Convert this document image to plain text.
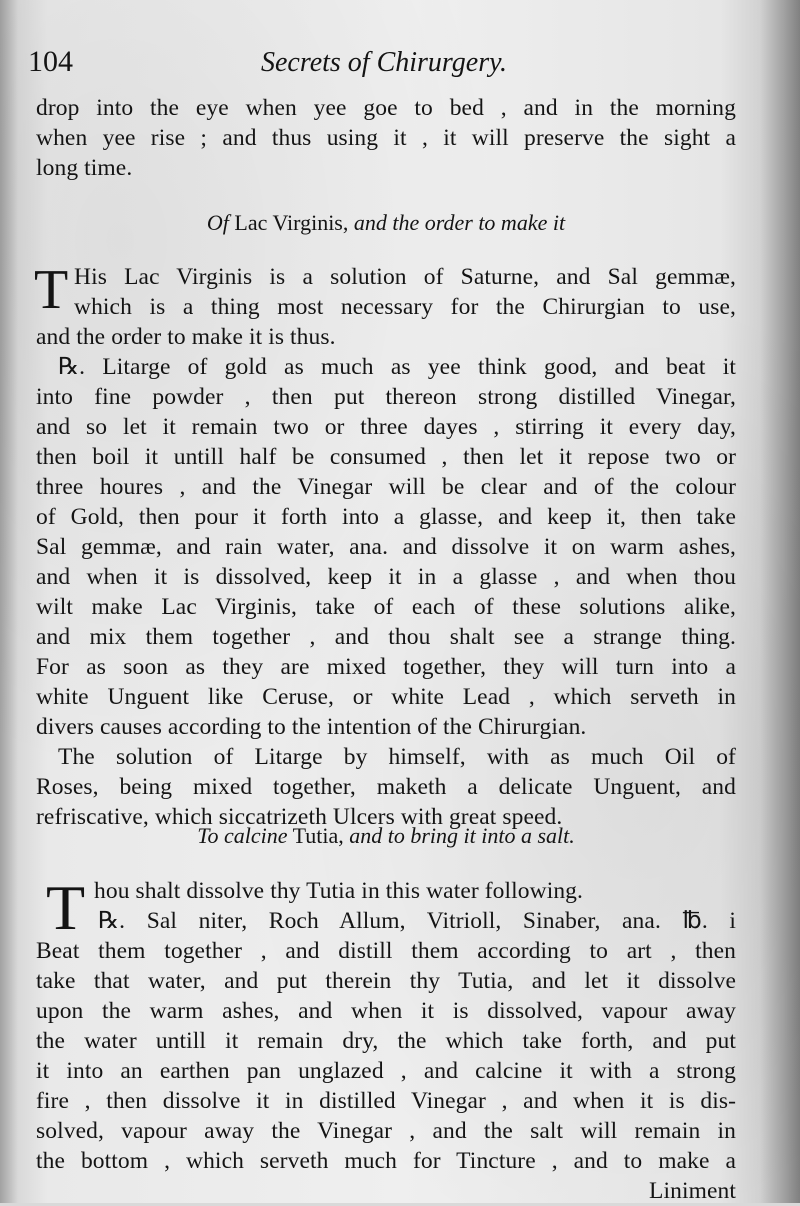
Secrets of Chirurgery.
104
drop into the eye when yee goe to bed , and in the morning
when yee rise ; and thus using it , it will preserve the sight a
long time.
Of Lac Virginis, and the order to make it
T His Lac Virginis is a solution of Saturne, and Sal gemmæ,
which is a thing most necessary for the Chirurgian to use,
and the order to make it is thus.
℞. Litarge of gold as much as yee think good, and beat it
into fine powder , then put thereon strong distilled Vinegar,
and so let it remain two or three dayes , stirring it every day,
then boil it untill half be consumed , then let it repose two or
three houres , and the Vinegar will be clear and of the colour
of Gold, then pour it forth into a glasse, and keep it, then take
Sal gemmæ, and rain water, ana. and dissolve it on warm ashes,
and when it is dissolved, keep it in a glasse , and when thou
wilt make Lac Virginis, take of each of these solutions alike,
and mix them together , and thou shalt see a strange thing.
For as soon as they are mixed together, they will turn into a
white Unguent like Ceruse, or white Lead , which serveth in
divers causes according to the intention of the Chirurgian.
The solution of Litarge by himself, with as much Oil of
Roses, being mixed together, maketh a delicate Unguent, and
refriscative, which siccatrizeth Ulcers with great speed.
To calcine Tutia, and to bring it into a salt.
T hou shalt dissolve thy Tutia in this water following.
℞. Sal niter, Roch Allum, Vitrioll, Sinaber, ana. ℔. i
Beat them together , and distill them according to art , then
take that water, and put therein thy Tutia, and let it dissolve
upon the warm ashes, and when it is dissolved, vapour away
the water untill it remain dry, the which take forth, and put
it into an earthen pan unglazed , and calcine it with a strong
fire , then dissolve it in distilled Vinegar , and when it is dis-
solved, vapour away the Vinegar , and the salt will remain in
the bottom , which serveth much for Tincture , and to make a
Liniment
